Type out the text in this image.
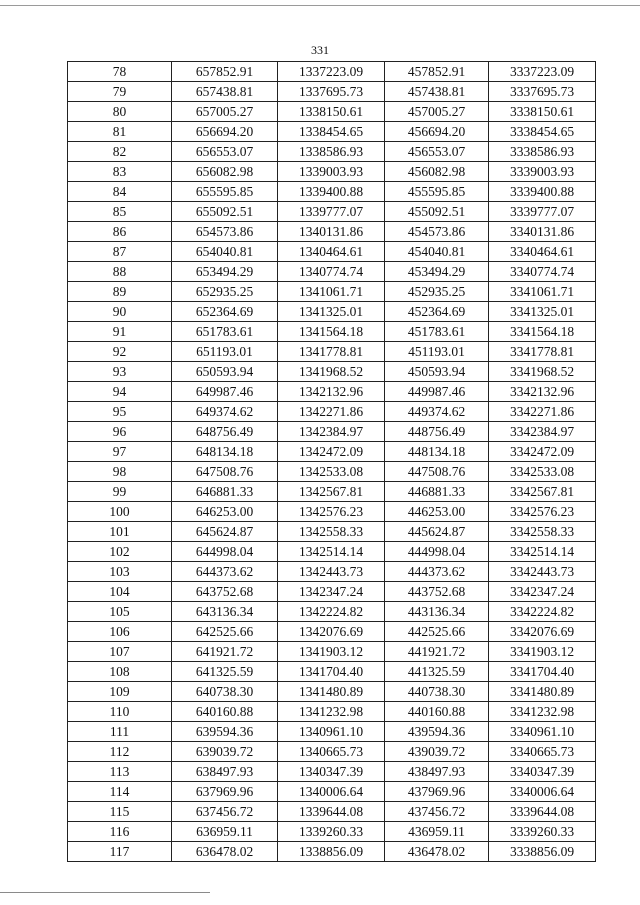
331
78	657852.91	1337223.09	457852.91	3337223.09
79	657438.81	1337695.73	457438.81	3337695.73
80	657005.27	1338150.61	457005.27	3338150.61
81	656694.20	1338454.65	456694.20	3338454.65
82	656553.07	1338586.93	456553.07	3338586.93
83	656082.98	1339003.93	456082.98	3339003.93
84	655595.85	1339400.88	455595.85	3339400.88
85	655092.51	1339777.07	455092.51	3339777.07
86	654573.86	1340131.86	454573.86	3340131.86
87	654040.81	1340464.61	454040.81	3340464.61
88	653494.29	1340774.74	453494.29	3340774.74
89	652935.25	1341061.71	452935.25	3341061.71
90	652364.69	1341325.01	452364.69	3341325.01
91	651783.61	1341564.18	451783.61	3341564.18
92	651193.01	1341778.81	451193.01	3341778.81
93	650593.94	1341968.52	450593.94	3341968.52
94	649987.46	1342132.96	449987.46	3342132.96
95	649374.62	1342271.86	449374.62	3342271.86
96	648756.49	1342384.97	448756.49	3342384.97
97	648134.18	1342472.09	448134.18	3342472.09
98	647508.76	1342533.08	447508.76	3342533.08
99	646881.33	1342567.81	446881.33	3342567.81
100	646253.00	1342576.23	446253.00	3342576.23
101	645624.87	1342558.33	445624.87	3342558.33
102	644998.04	1342514.14	444998.04	3342514.14
103	644373.62	1342443.73	444373.62	3342443.73
104	643752.68	1342347.24	443752.68	3342347.24
105	643136.34	1342224.82	443136.34	3342224.82
106	642525.66	1342076.69	442525.66	3342076.69
107	641921.72	1341903.12	441921.72	3341903.12
108	641325.59	1341704.40	441325.59	3341704.40
109	640738.30	1341480.89	440738.30	3341480.89
110	640160.88	1341232.98	440160.88	3341232.98
111	639594.36	1340961.10	439594.36	3340961.10
112	639039.72	1340665.73	439039.72	3340665.73
113	638497.93	1340347.39	438497.93	3340347.39
114	637969.96	1340006.64	437969.96	3340006.64
115	637456.72	1339644.08	437456.72	3339644.08
116	636959.11	1339260.33	436959.11	3339260.33
117	636478.02	1338856.09	436478.02	3338856.09
